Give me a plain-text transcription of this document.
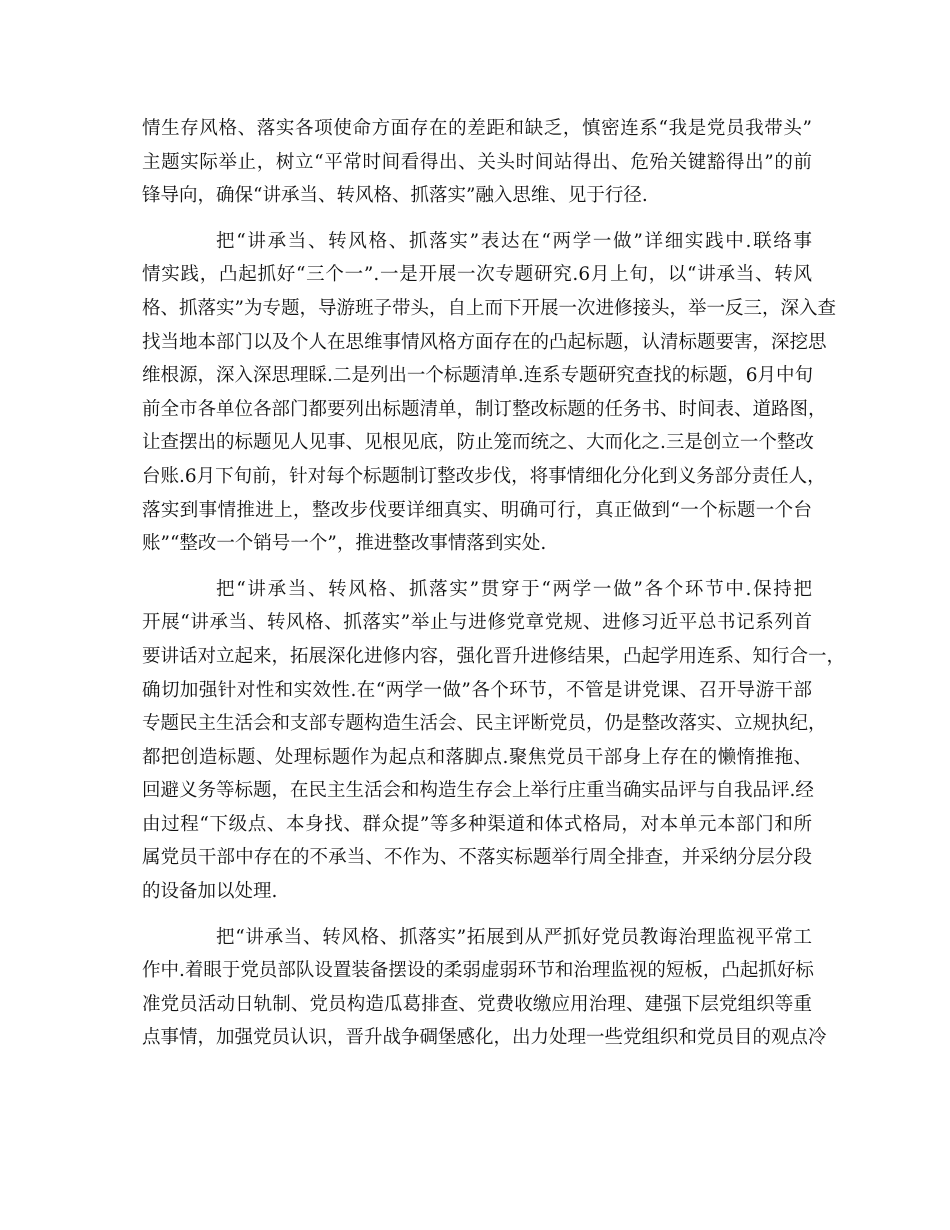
情生存风格、落实各项使命方面存在的差距和缺乏，慎密连系“我是党员我带头”
主题实际举止，树立“平常时间看得出、关头时间站得出、危殆关键豁得出”的前
锋导向，确保“讲承当、转风格、抓落实”融入思维、见于行径.
把“讲承当、转风格、抓落实”表达在“两学一做”详细实践中.联络事
情实践，凸起抓好“三个一”.一是开展一次专题研究.6月上旬，以“讲承当、转风
格、抓落实”为专题，导游班子带头，自上而下开展一次进修接头，举一反三，深入查
找当地本部门以及个人在思维事情风格方面存在的凸起标题，认清标题要害，深挖思
维根源，深入深思理睬.二是列出一个标题清单.连系专题研究查找的标题，6月中旬
前全市各单位各部门都要列出标题清单，制订整改标题的任务书、时间表、道路图，
让查摆出的标题见人见事、见根见底，防止笼而统之、大而化之.三是创立一个整改
台账.6月下旬前，针对每个标题制订整改步伐，将事情细化分化到义务部分责任人，
落实到事情推进上，整改步伐要详细真实、明确可行，真正做到“一个标题一个台
账”“整改一个销号一个”，推进整改事情落到实处.
把“讲承当、转风格、抓落实”贯穿于“两学一做”各个环节中.保持把
开展“讲承当、转风格、抓落实”举止与进修党章党规、进修习近平总书记系列首
要讲话对立起来，拓展深化进修内容，强化晋升进修结果，凸起学用连系、知行合一，
确切加强针对性和实效性.在“两学一做”各个环节，不管是讲党课、召开导游干部
专题民主生活会和支部专题构造生活会、民主评断党员，仍是整改落实、立规执纪，
都把创造标题、处理标题作为起点和落脚点.聚焦党员干部身上存在的懒惰推拖、
回避义务等标题，在民主生活会和构造生存会上举行庄重当确实品评与自我品评.经
由过程“下级点、本身找、群众提”等多种渠道和体式格局，对本单元本部门和所
属党员干部中存在的不承当、不作为、不落实标题举行周全排查，并采纳分层分段
的设备加以处理.
把“讲承当、转风格、抓落实”拓展到从严抓好党员教诲治理监视平常工
作中.着眼于党员部队设置装备摆设的柔弱虚弱环节和治理监视的短板，凸起抓好标
准党员活动日轨制、党员构造瓜葛排查、党费收缴应用治理、建强下层党组织等重
点事情，加强党员认识，晋升战争碉堡感化，出力处理一些党组织和党员目的观点冷
